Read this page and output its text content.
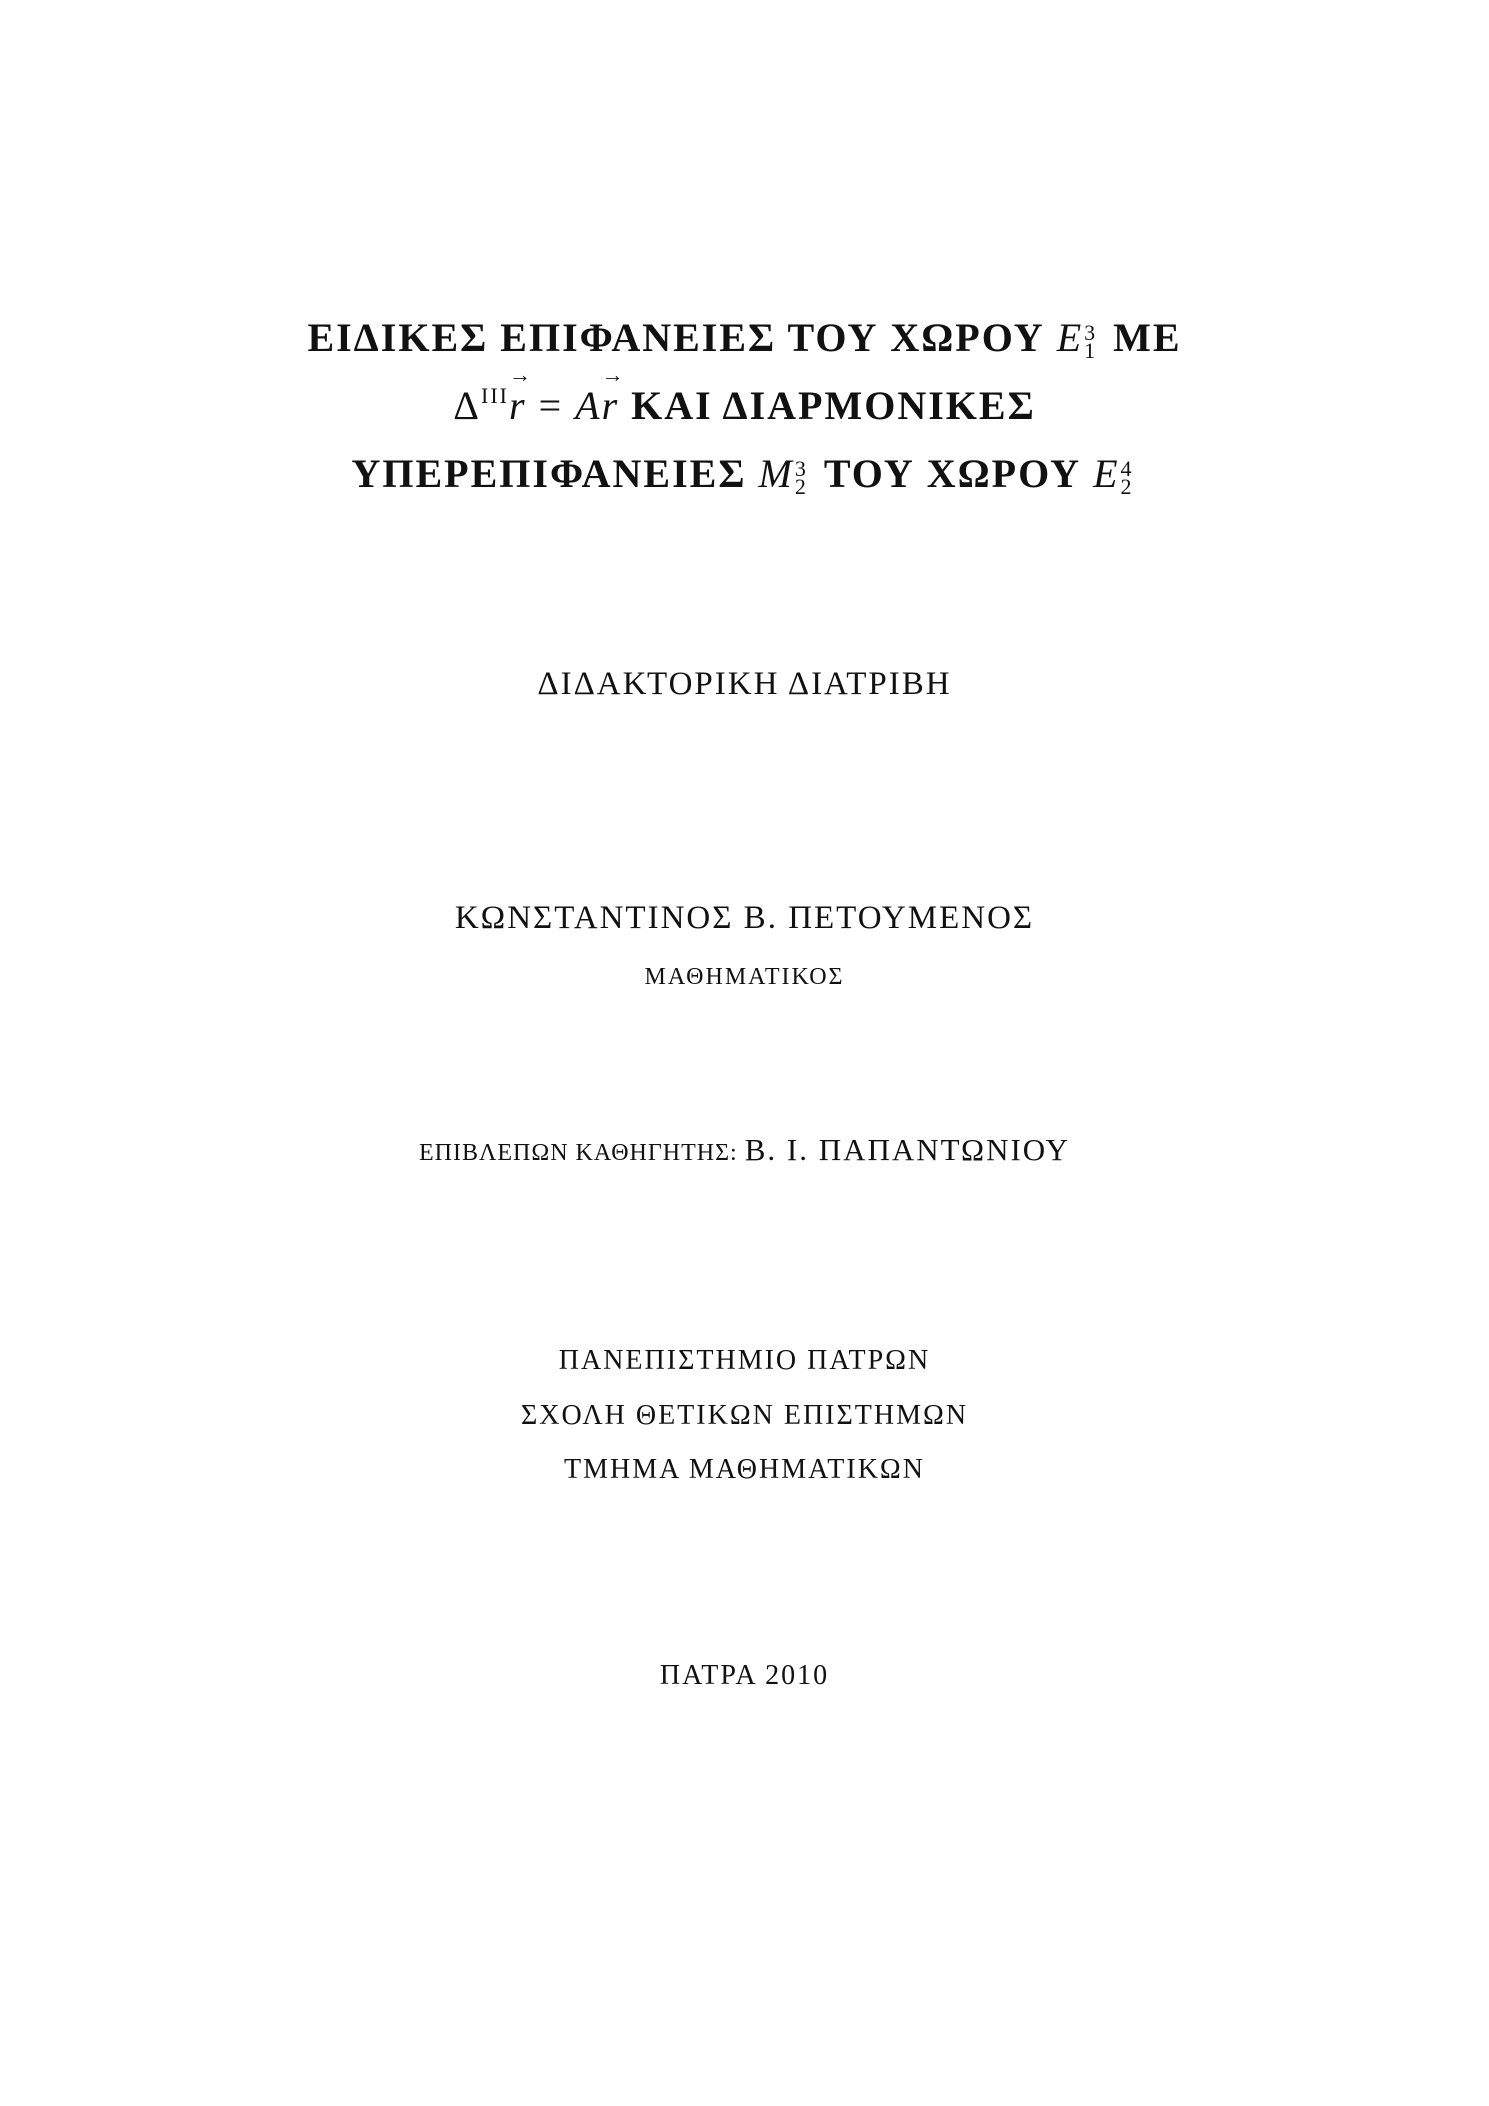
ΕΙΔΙΚΕΣ ΕΠΙΦΑΝΕΙΕΣ ΤΟΥ ΧΩΡΟΥ E 3
1 ΜΕ
$\Delta^{III}r$ → = Ar → ΚΑΙ ΔΙΑΡΜΟΝΙΚΕΣ
ΥΠΕΡΕΠΙΦΑΝΕΙΕΣ M 3
2 ΤΟΥ ΧΩΡΟΥ E 4
2
ΔΙΔΑΚΤΟΡΙΚΗ ΔΙΑΤΡΙΒΗ
ΚΩΝΣΤΑΝΤΙΝΟΣ Β. ΠΕΤΟΥΜΕΝΟΣ
ΜΑΘΗΜΑΤΙΚΟΣ
ΕΠΙΒΛΕΠΩΝ ΚΑΘΗΓΗΤΗΣ: Β. Ι. ΠΑΠΑΝΤΩΝΙΟΥ
ΠΑΝΕΠΙΣΤΗΜΙΟ ΠΑΤΡΩΝ
ΣΧΟΛΗ ΘΕΤΙΚΩΝ ΕΠΙΣΤΗΜΩΝ
ΤΜΗΜΑ ΜΑΘΗΜΑΤΙΚΩΝ
ΠΑΤΡΑ 2010
